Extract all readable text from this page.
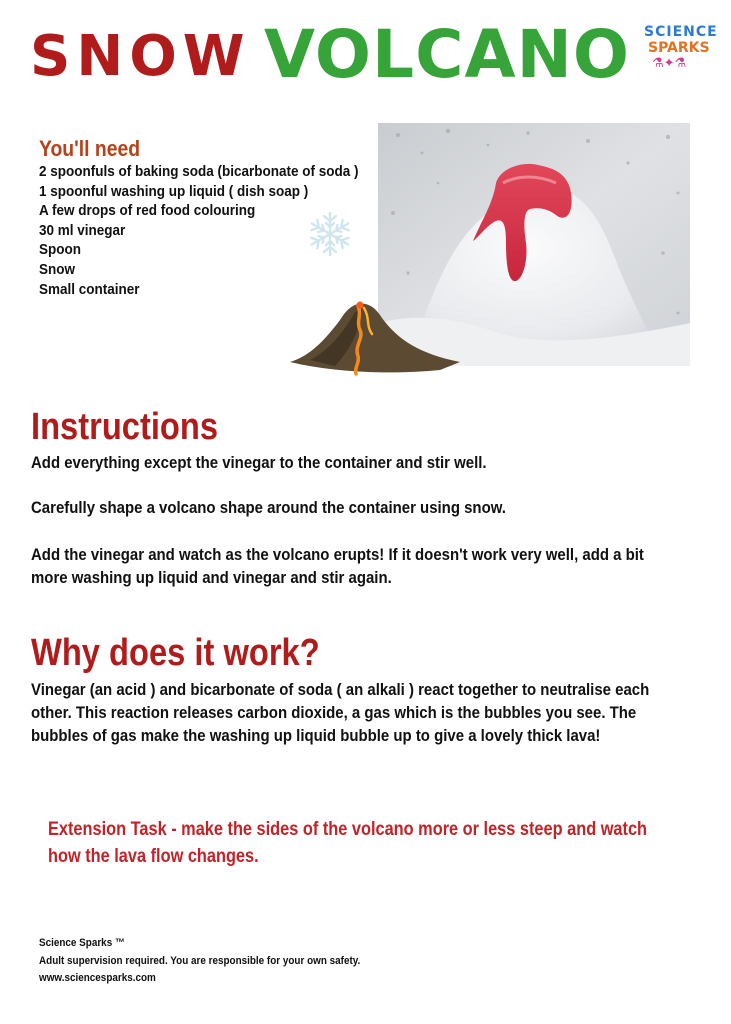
SNOW VOLCANO SCIENCE
SPARKS
⚗✦⚗
You'll need
2 spoonfuls of baking soda (bicarbonate of soda )
1 spoonful washing up liquid ( dish soap )
A few drops of red food colouring
30 ml vinegar
Spoon
Snow
Small container
Instructions

Add everything except the vinegar to the container and stir well.

Carefully shape a volcano shape around the container using snow.

Add the vinegar and watch as the volcano erupts! If it doesn't work very well, add a bit more washing up liquid and vinegar and stir again.

Why does it work?

Vinegar (an acid ) and bicarbonate of soda ( an alkali ) react together to neutralise each other. This reaction releases carbon dioxide, a gas which is the bubbles you see. The bubbles of gas make the washing up liquid bubble up to give a lovely thick lava!

Extension Task - make the sides of the volcano more or less steep and watch how the lava flow changes.

Science Sparks ™
Adult supervision required. You are responsible for your own safety.
www.sciencesparks.com
